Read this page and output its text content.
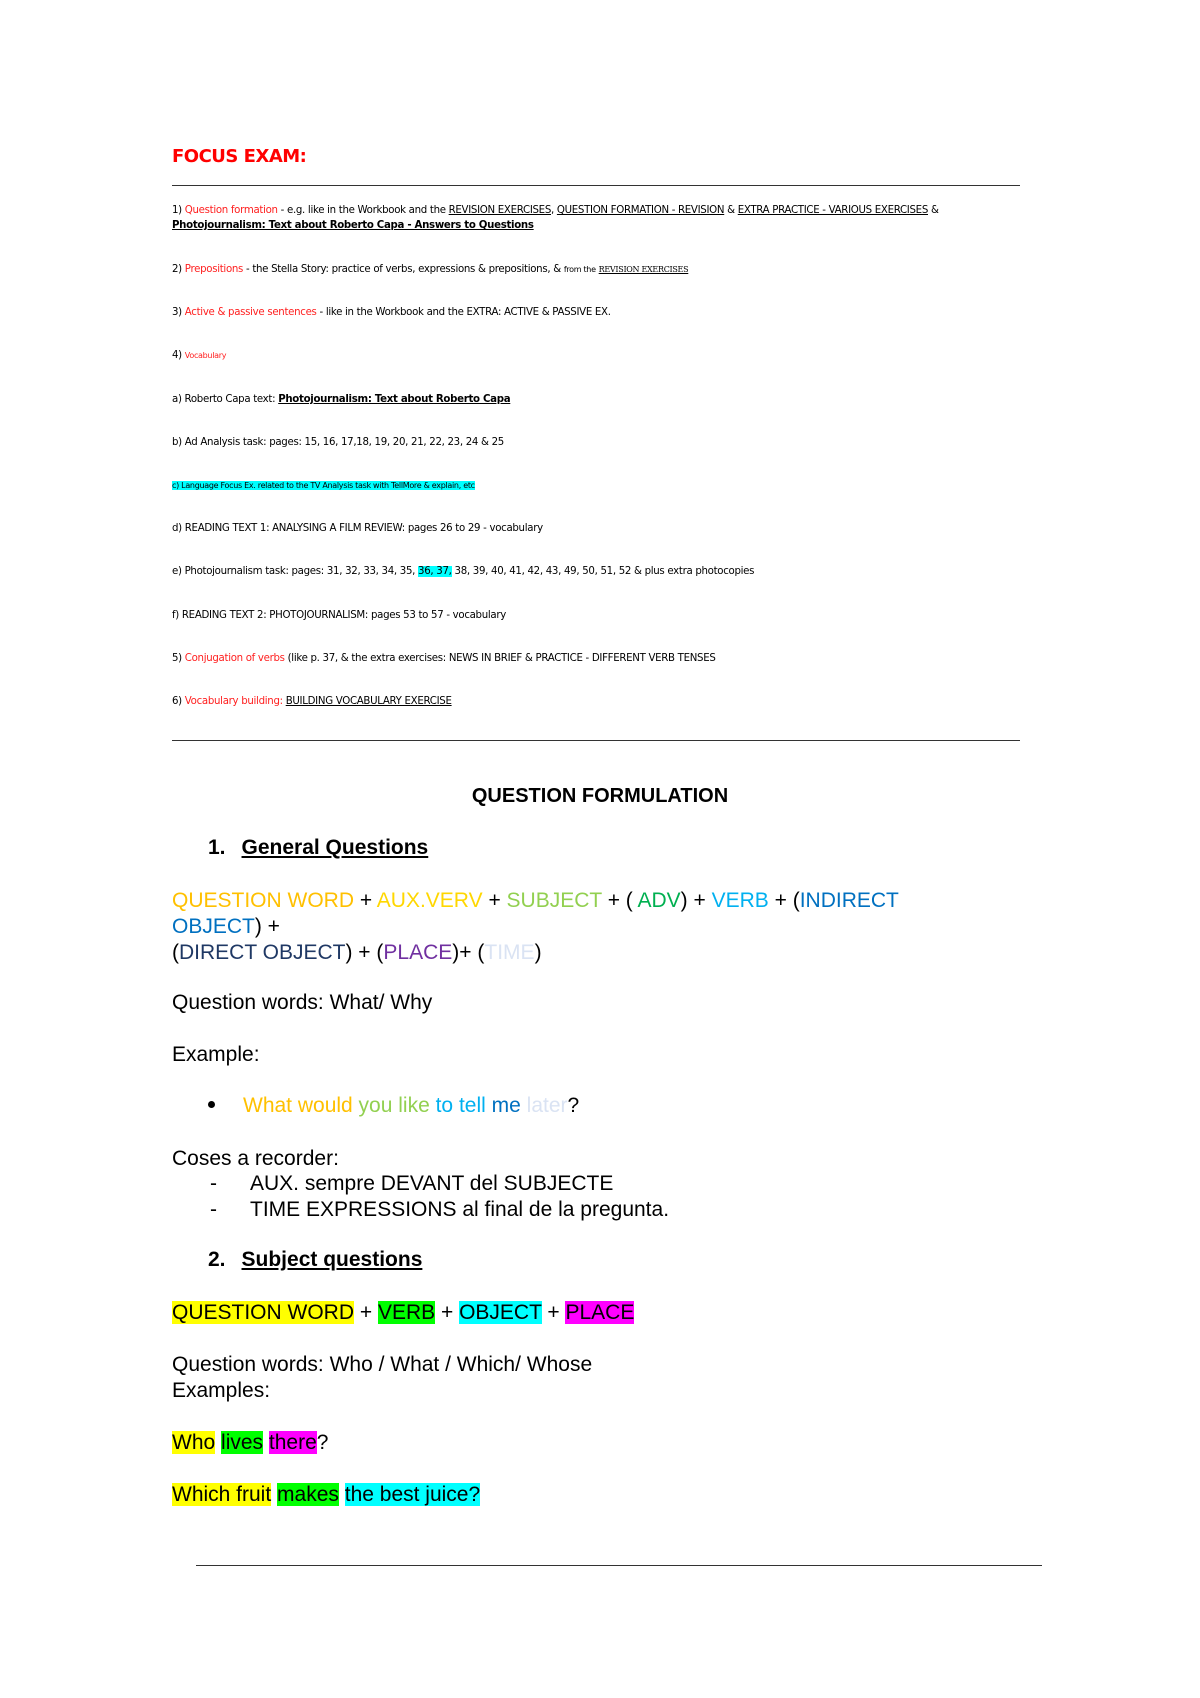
FOCUS EXAM:

1) Question formation - e.g. like in the Workbook and the REVISION EXERCISES, QUESTION FORMATION - REVISION & EXTRA PRACTICE - VARIOUS EXERCISES & Photojournalism: Text about Roberto Capa - Answers to Questions

2) Prepositions - the Stella Story: practice of verbs, expressions & prepositions, & from the REVISION EXERCISES

3) Active & passive sentences - like in the Workbook and the EXTRA: ACTIVE & PASSIVE EX.

4) Vocabulary

a) Roberto Capa text: Photojournalism: Text about Roberto Capa

b) Ad Analysis task: pages: 15, 16, 17,18, 19, 20, 21, 22, 23, 24 & 25

c) Language Focus Ex. related to the TV Analysis task with TellMore & explain, etc

d) READING TEXT 1: ANALYSING A FILM REVIEW: pages 26 to 29 - vocabulary

e) Photojournalism task: pages: 31, 32, 33, 34, 35, 36, 37, 38, 39, 40, 41, 42, 43, 49, 50, 51, 52 & plus extra photocopies

f) READING TEXT 2: PHOTOJOURNALISM: pages 53 to 57 - vocabulary

5) Conjugation of verbs (like p. 37, & the extra exercises: NEWS IN BRIEF & PRACTICE - DIFFERENT VERB TENSES

6) Vocabulary building: BUILDING VOCABULARY EXERCISE

QUESTION FORMULATION
1. General Questions
QUESTION WORD + AUX.VERV + SUBJECT + ( ADV) + VERB + (INDIRECT
OBJECT) +
(DIRECT OBJECT) + (PLACE)+ (TIME)

Question words: What/ Why

Example:

What would you like to tell me later?

Coses a recorder:

- AUX. sempre DEVANT del SUBJECTE

- TIME EXPRESSIONS al final de la pregunta.

2. Subject questions

QUESTION WORD + VERB + OBJECT + PLACE

Question words: Who / What / Which/ Whose

Examples:

Who lives there?

Which fruit makes the best juice?
